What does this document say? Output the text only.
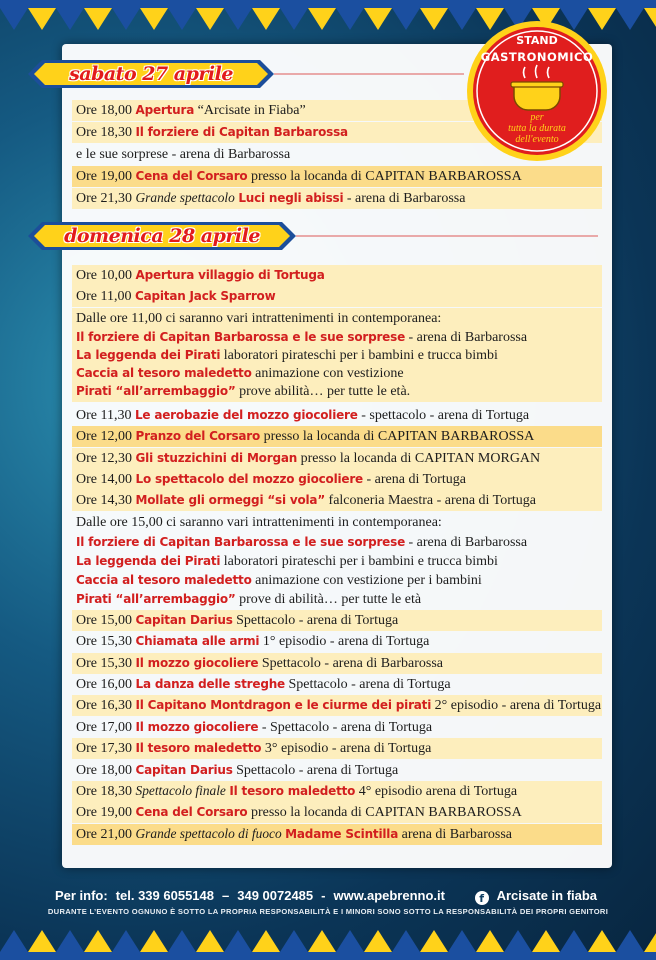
sabato 27 aprile
domenica 28 aprile
Ore 18,00 Apertura “Arcisate in Fiaba”
Ore 18,30 Il forziere di Capitan Barbarossa
e le sue sorprese - arena di Barbarossa
Ore 19,00 Cena del Corsaro presso la locanda di CAPITAN BARBAROSSA
Ore 21,30 Grande spettacolo Luci negli abissi - arena di Barbarossa
Ore 10,00 Apertura villaggio di Tortuga
Ore 11,00 Capitan Jack Sparrow
Dalle ore 11,00 ci saranno vari intrattenimenti in contemporanea:
Il forziere di Capitan Barbarossa e le sue sorprese - arena di Barbarossa
La leggenda dei Pirati laboratori pirateschi per i bambini e trucca bimbi
Caccia al tesoro maledetto animazione con vestizione
Pirati “all’arrembaggio” prove abilità… per tutte le età.
Ore 11,30 Le aerobazie del mozzo giocoliere - spettacolo - arena di Tortuga
Ore 12,00 Pranzo del Corsaro presso la locanda di CAPITAN BARBAROSSA
Ore 12,30 Gli stuzzichini di Morgan presso la locanda di CAPITAN MORGAN
Ore 14,00 Lo spettacolo del mozzo giocoliere - arena di Tortuga
Ore 14,30 Mollate gli ormeggi “si vola” falconeria Maestra - arena di Tortuga
Dalle ore 15,00 ci saranno vari intrattenimenti in contemporanea:
Il forziere di Capitan Barbarossa e le sue sorprese - arena di Barbarossa
La leggenda dei Pirati laboratori pirateschi per i bambini e trucca bimbi
Caccia al tesoro maledetto animazione con vestizione per i bambini
Pirati “all’arrembaggio” prove di abilità… per tutte le età
Ore 15,00 Capitan Darius Spettacolo - arena di Tortuga
Ore 15,30 Chiamata alle armi 1° episodio - arena di Tortuga
Ore 15,30 Il mozzo giocoliere Spettacolo - arena di Barbarossa
Ore 16,00 La danza delle streghe Spettacolo - arena di Tortuga
Ore 16,30 Il Capitano Montdragon e le ciurme dei pirati 2° episodio - arena di Tortuga
Ore 17,00 Il mozzo giocoliere - Spettacolo - arena di Tortuga
Ore 17,30 Il tesoro maledetto 3° episodio - arena di Tortuga
Ore 18,00 Capitan Darius Spettacolo - arena di Tortuga
Ore 18,30 Spettacolo finale Il tesoro maledetto 4° episodio arena di Tortuga
Ore 19,00 Cena del Corsaro presso la locanda di CAPITAN BARBAROSSA
Ore 21,00 Grande spettacolo di fuoco Madame Scintilla arena di Barbarossa
STAND
GASTRONOMICO
per
tutta la durata
dell'evento
Per info: tel. 339 6055148 – 349 0072485 - www.apebrenno.it	f Arcisate in fiaba
DURANTE L’EVENTO OGNUNO È SOTTO LA PROPRIA RESPONSABILITÀ E I MINORI SONO SOTTO LA RESPONSABILITÀ DEI PROPRI GENITORI
